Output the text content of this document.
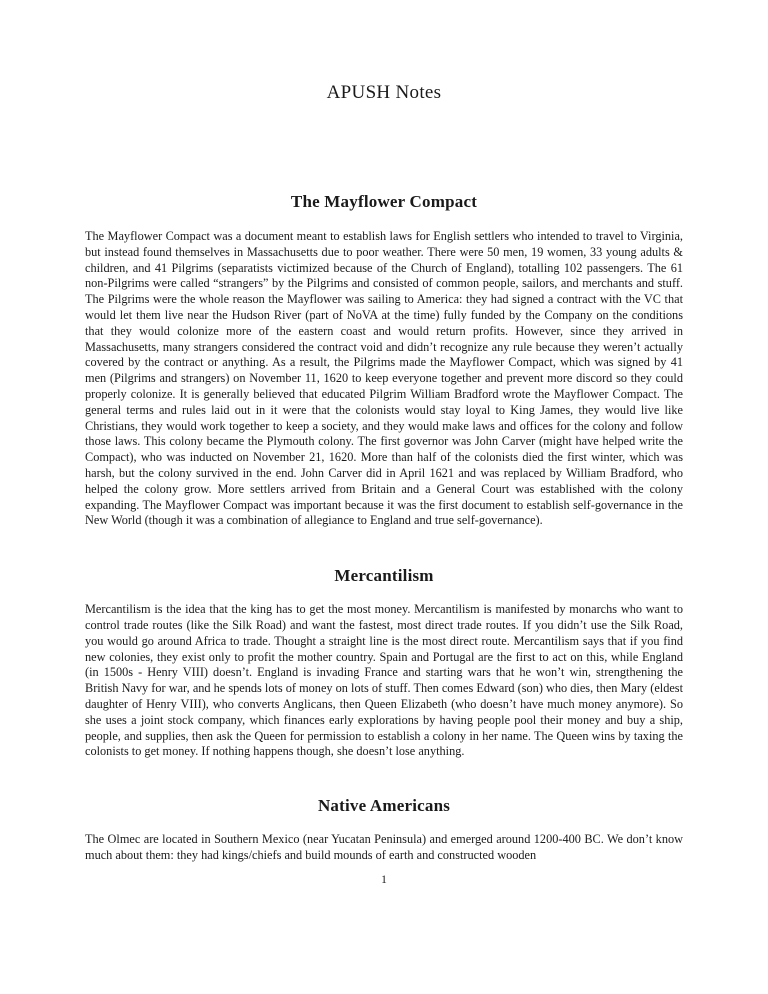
APUSH Notes
The Mayflower Compact

The Mayflower Compact was a document meant to establish laws for English settlers who intended to travel to Virginia, but instead found themselves in Massachusetts due to poor weather. There were 50 men, 19 women, 33 young adults & children, and 41 Pilgrims (separatists victimized because of the Church of England), totalling 102 passengers. The 61 non-Pilgrims were called “strangers” by the Pilgrims and consisted of common people, sailors, and merchants and stuff. The Pilgrims were the whole reason the Mayflower was sailing to America: they had signed a contract with the VC that would let them live near the Hudson River (part of NoVA at the time) fully funded by the Company on the conditions that they would colonize more of the eastern coast and would return profits. However, since they arrived in Massachusetts, many strangers considered the contract void and didn’t recognize any rule because they weren’t actually covered by the contract or anything. As a result, the Pilgrims made the Mayflower Compact, which was signed by 41 men (Pilgrims and strangers) on November 11, 1620 to keep everyone together and prevent more discord so they could properly colonize. It is generally believed that educated Pilgrim William Bradford wrote the Mayflower Compact. The general terms and rules laid out in it were that the colonists would stay loyal to King James, they would live like Christians, they would work together to keep a society, and they would make laws and offices for the colony and follow those laws. This colony became the Plymouth colony. The first governor was John Carver (might have helped write the Compact), who was inducted on November 21, 1620. More than half of the colonists died the first winter, which was harsh, but the colony survived in the end. John Carver did in April 1621 and was replaced by William Bradford, who helped the colony grow. More settlers arrived from Britain and a General Court was established with the colony expanding. The Mayflower Compact was important because it was the first document to establish self-governance in the New World (though it was a combination of allegiance to England and true self-governance).

Mercantilism

Mercantilism is the idea that the king has to get the most money. Mercantilism is manifested by monarchs who want to control trade routes (like the Silk Road) and want the fastest, most direct trade routes. If you didn’t use the Silk Road, you would go around Africa to trade. Thought a straight line is the most direct route. Mercantilism says that if you find new colonies, they exist only to profit the mother country. Spain and Portugal are the first to act on this, while England (in 1500s - Henry VIII) doesn’t. England is invading France and starting wars that he won’t win, strengthening the British Navy for war, and he spends lots of money on lots of stuff. Then comes Edward (son) who dies, then Mary (eldest daughter of Henry VIII), who converts Anglicans, then Queen Elizabeth (who doesn’t have much money anymore). So she uses a joint stock company, which finances early explorations by having people pool their money and buy a ship, people, and supplies, then ask the Queen for permission to establish a colony in her name. The Queen wins by taxing the colonists to get money. If nothing happens though, she doesn’t lose anything.

Native Americans

The Olmec are located in Southern Mexico (near Yucatan Peninsula) and emerged around 1200-400 BC. We don’t know much about them: they had kings/chiefs and build mounds of earth and constructed wooden

1
